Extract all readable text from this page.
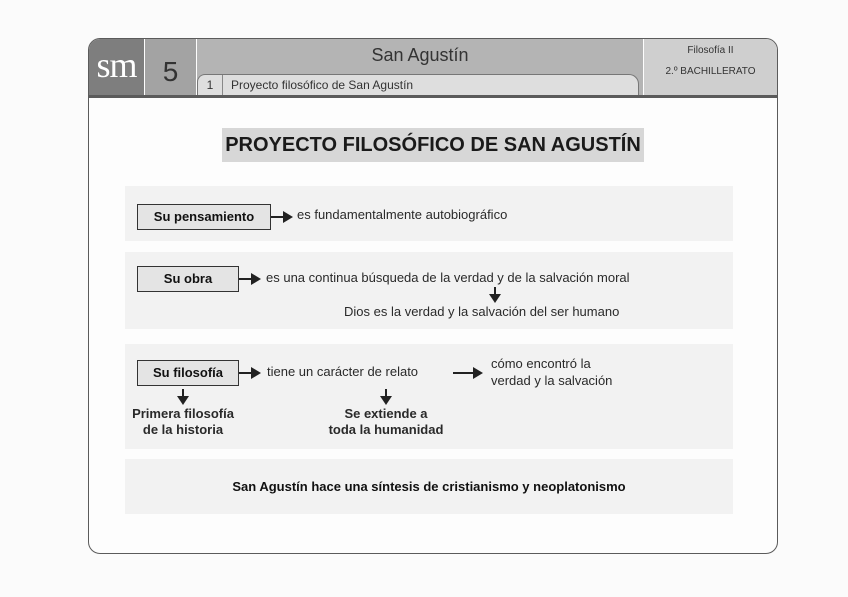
sm 5
San Agustín
1 Proyecto filosófico de San Agustín
Filosofía II
2.º BACHILLERATO
PROYECTO FILOSÓFICO DE SAN AGUSTÍN
Su pensamiento	es fundamentalmente autobiográfico
Su obra	es una continua búsqueda de la verdad y de la salvación moral
Dios es la verdad y la salvación del ser humano
Su filosofía	tiene un carácter de relato
cómo encontró la
verdad y la salvación
Primera filosofía
de la historia
Se extiende a
toda la humanidad
San Agustín hace una síntesis de cristianismo y neoplatonismo
